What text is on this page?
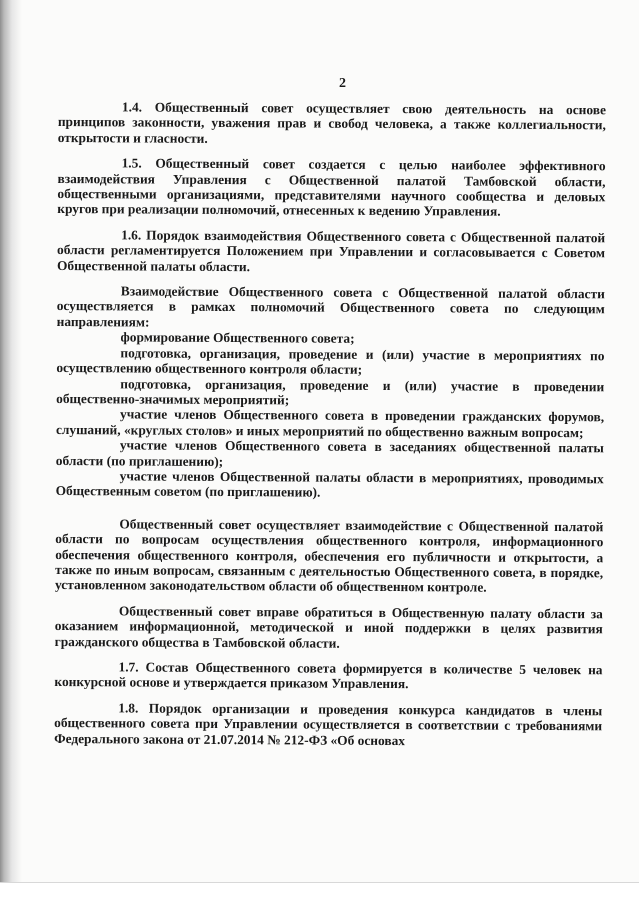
2

1.4. Общественный совет осуществляет свою деятельность на основе принципов законности, уважения прав и свобод человека, а также коллегиальности, открытости и гласности.

1.5. Общественный совет создается с целью наиболее эффективного взаимодействия Управления с Общественной палатой Тамбовской области, общественными организациями, представителями научного сообщества и деловых кругов при реализации полномочий, отнесенных к ведению Управления.

1.6. Порядок взаимодействия Общественного совета с Общественной палатой области регламентируется Положением при Управлении и согласовывается с Советом Общественной палаты области.

Взаимодействие Общественного совета с Общественной палатой области осуществляется в рамках полномочий Общественного совета по следующим направлениям:

формирование Общественного совета;

подготовка, организация, проведение и (или) участие в мероприятиях по осуществлению общественного контроля области;

подготовка, организация, проведение и (или) участие в проведении общественно-значимых мероприятий;

участие членов Общественного совета в проведении гражданских форумов, слушаний, «круглых столов» и иных мероприятий по общественно важным вопросам;

участие членов Общественного совета в заседаниях общественной палаты области (по приглашению);

участие членов Общественной палаты области в мероприятиях, проводимых Общественным советом (по приглашению).

Общественный совет осуществляет взаимодействие с Общественной палатой области по вопросам осуществления общественного контроля, информационного обеспечения общественного контроля, обеспечения его публичности и открытости, а также по иным вопросам, связанным с деятельностью Общественного совета, в порядке, установленном законодательством области об общественном контроле.

Общественный совет вправе обратиться в Общественную палату области за оказанием информационной, методической и иной поддержки в целях развития гражданского общества в Тамбовской области.

1.7. Состав Общественного совета формируется в количестве 5 человек на конкурсной основе и утверждается приказом Управления.

1.8. Порядок организации и проведения конкурса кандидатов в члены общественного совета при Управлении осуществляется в соответствии с требованиями Федерального закона от 21.07.2014 № 212-ФЗ «Об основах
